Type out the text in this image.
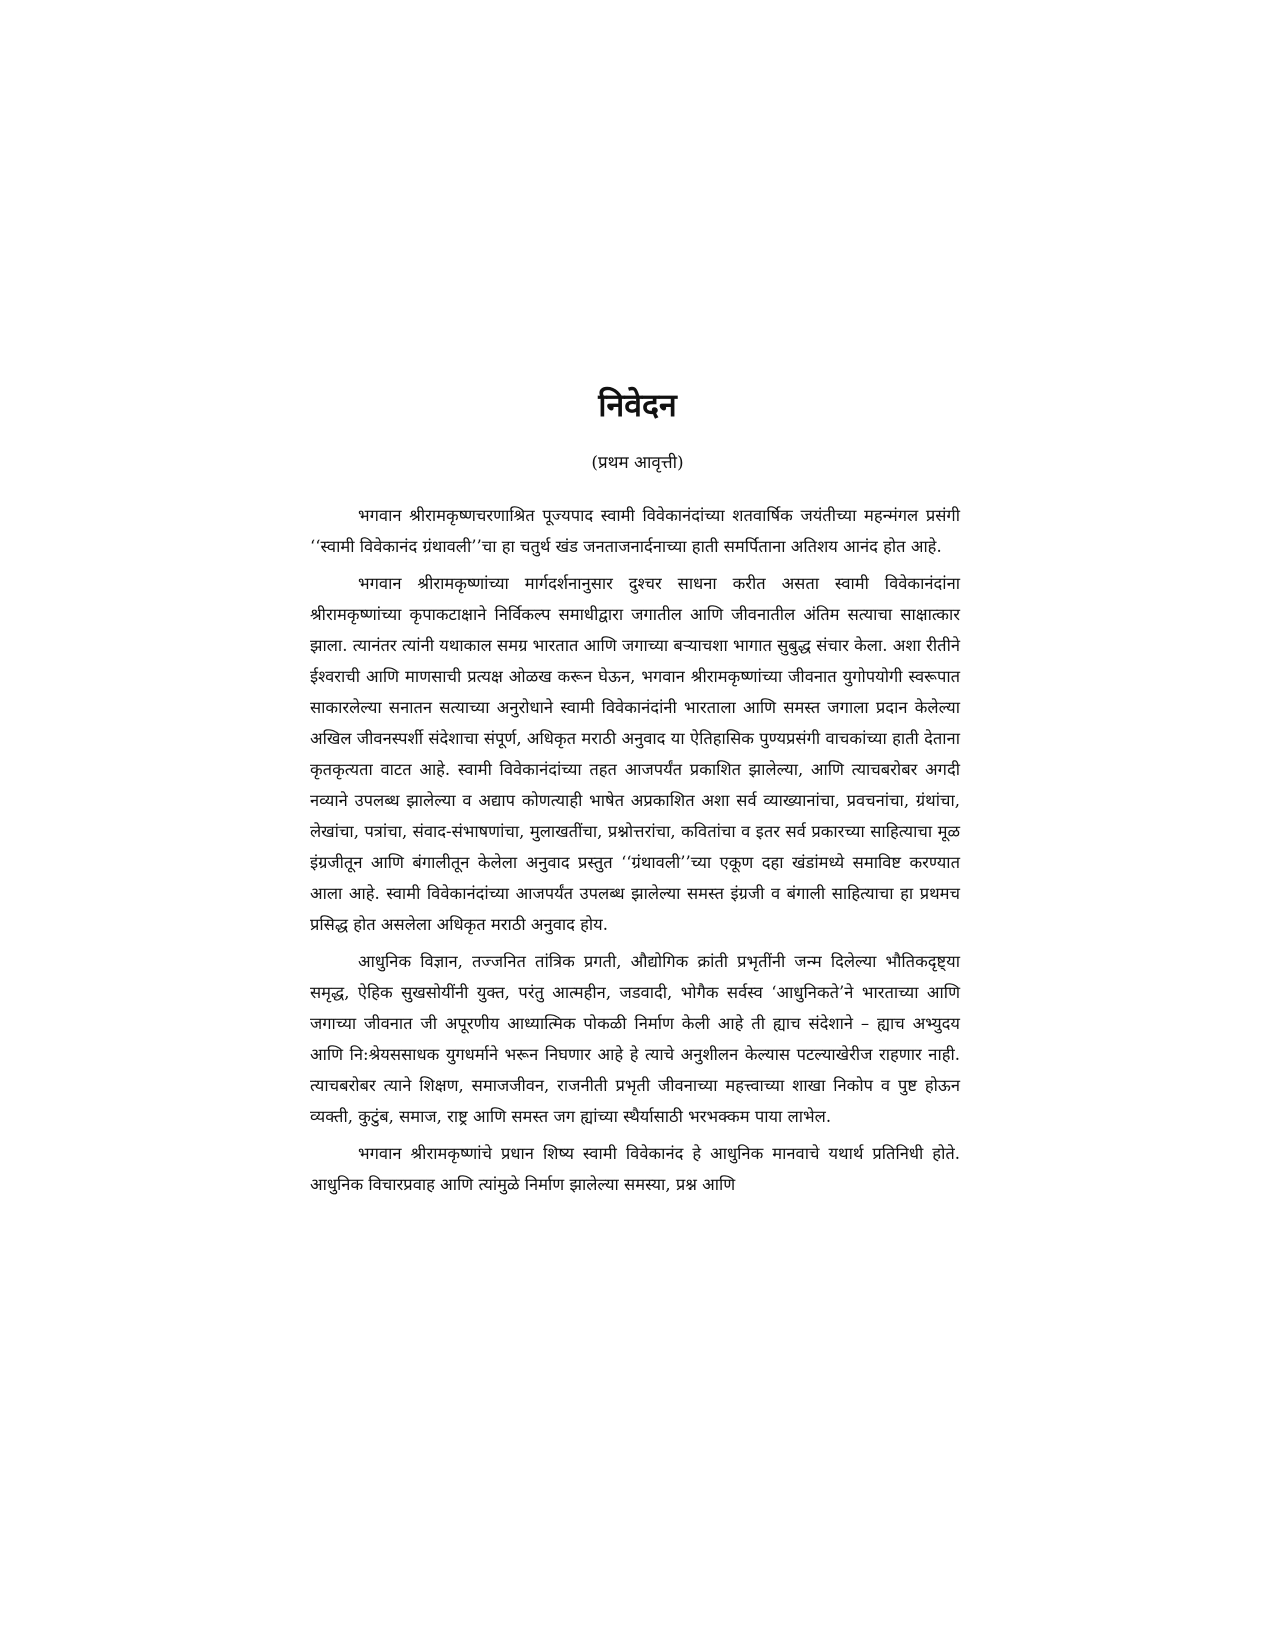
निवेदन
(प्रथम आवृत्ती)

भगवान श्रीरामकृष्णचरणाश्रित पूज्यपाद स्वामी विवेकानंदांच्या शतवार्षिक जयंतीच्या महन्मंगल प्रसंगी ‘‘स्वामी विवेकानंद ग्रंथावली’’चा हा चतुर्थ खंड जनताजनार्दनाच्या हाती समर्पिताना अतिशय आनंद होत आहे.

भगवान श्रीरामकृष्णांच्या मार्गदर्शनानुसार दुश्चर साधना करीत असता स्वामी विवेकानंदांना श्रीरामकृष्णांच्या कृपाकटाक्षाने निर्विकल्प समाधीद्वारा जगातील आणि जीवनातील अंतिम सत्याचा साक्षात्कार झाला. त्यानंतर त्यांनी यथाकाल समग्र भारतात आणि जगाच्या बऱ्याचशा भागात सुबुद्ध संचार केला. अशा रीतीने ईश्वराची आणि माणसाची प्रत्यक्ष ओळख करून घेऊन, भगवान श्रीरामकृष्णांच्या जीवनात युगोपयोगी स्वरूपात साकारलेल्या सनातन सत्याच्या अनुरोधाने स्वामी विवेकानंदांनी भारताला आणि समस्त जगाला प्रदान केलेल्या अखिल जीवनस्पर्शी संदेशाचा संपूर्ण, अधिकृत मराठी अनुवाद या ऐतिहासिक पुण्यप्रसंगी वाचकांच्या हाती देताना कृतकृत्यता वाटत आहे. स्वामी विवेकानंदांच्या तहत आजपर्यंत प्रकाशित झालेल्या, आणि त्याचबरोबर अगदी नव्याने उपलब्ध झालेल्या व अद्याप कोणत्याही भाषेत अप्रकाशित अशा सर्व व्याख्यानांचा, प्रवचनांचा, ग्रंथांचा, लेखांचा, पत्रांचा, संवाद-संभाषणांचा, मुलाखतींचा, प्रश्नोत्तरांचा, कवितांचा व इतर सर्व प्रकारच्या साहित्याचा मूळ इंग्रजीतून आणि बंगालीतून केलेला अनुवाद प्रस्तुत ‘‘ग्रंथावली’’च्या एकूण दहा खंडांमध्ये समाविष्ट करण्यात आला आहे. स्वामी विवेकानंदांच्या आजपर्यंत उपलब्ध झालेल्या समस्त इंग्रजी व बंगाली साहित्याचा हा प्रथमच प्रसिद्ध होत असलेला अधिकृत मराठी अनुवाद होय.

आधुनिक विज्ञान, तज्जनित तांत्रिक प्रगती, औद्योगिक क्रांती प्रभृतींनी जन्म दिलेल्या भौतिकदृष्ट्या समृद्ध, ऐहिक सुखसोयींनी युक्त, परंतु आत्महीन, जडवादी, भोगैक सर्वस्व ‘आधुनिकते’ने भारताच्या आणि जगाच्या जीवनात जी अपूरणीय आध्यात्मिक पोकळी निर्माण केली आहे ती ह्याच संदेशाने – ह्याच अभ्युदय आणि नि:श्रेयससाधक युगधर्माने भरून निघणार आहे हे त्याचे अनुशीलन केल्यास पटल्याखेरीज राहणार नाही. त्याचबरोबर त्याने शिक्षण, समाजजीवन, राजनीती प्रभृती जीवनाच्या महत्त्वाच्या शाखा निकोप व पुष्ट होऊन व्यक्ती, कुटुंब, समाज, राष्ट्र आणि समस्त जग ह्यांच्या स्थैर्यासाठी भरभक्कम पाया लाभेल.

भगवान श्रीरामकृष्णांचे प्रधान शिष्य स्वामी विवेकानंद हे आधुनिक मानवाचे यथार्थ प्रतिनिधी होते. आधुनिक विचारप्रवाह आणि त्यांमुळे निर्माण झालेल्या समस्या, प्रश्न आणि
